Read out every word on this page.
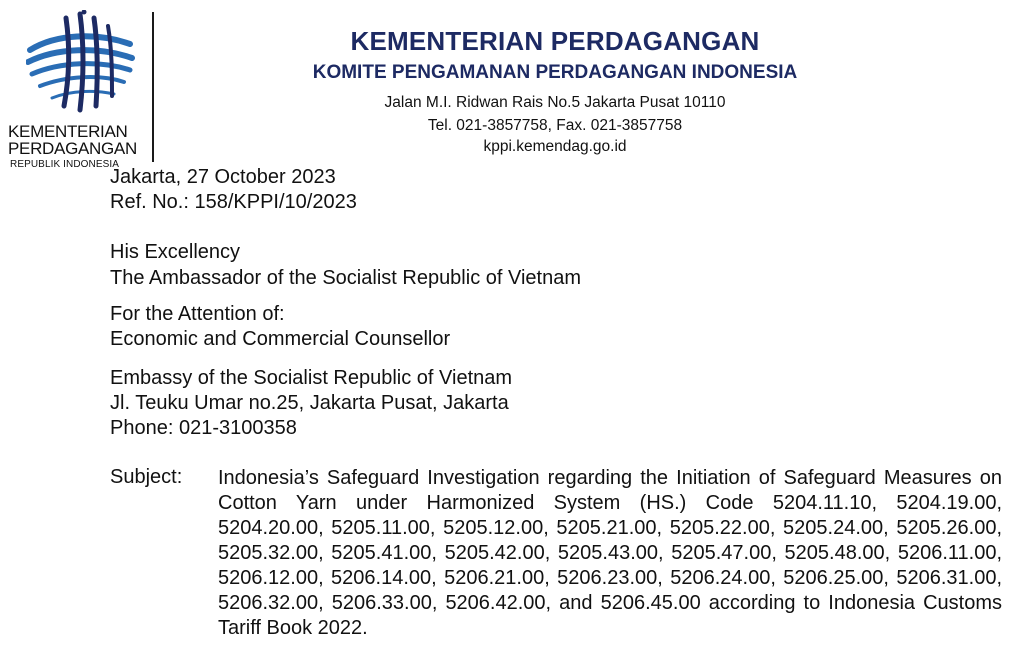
KEMENTERIAN
PERDAGANGAN
REPUBLIK INDONESIA
KEMENTERIAN PERDAGANGAN
KOMITE PENGAMANAN PERDAGANGAN INDONESIA
Jalan M.I. Ridwan Rais No.5 Jakarta Pusat 10110
Tel. 021-3857758, Fax. 021-3857758
kppi.kemendag.go.id
Jakarta, 27 October 2023
Ref. No.: 158/KPPI/10/2023
His Excellency
The Ambassador of the Socialist Republic of Vietnam
For the Attention of:
Economic and Commercial Counsellor
Embassy of the Socialist Republic of Vietnam
Jl. Teuku Umar no.25, Jakarta Pusat, Jakarta
Phone: 021-3100358
Subject: Indonesia’s Safeguard Investigation regarding the Initiation of Safeguard Measures on Cotton Yarn under Harmonized System (HS.) Code 5204.11.10, 5204.19.00, 5204.20.00, 5205.11.00, 5205.12.00, 5205.21.00, 5205.22.00, 5205.24.00, 5205.26.00, 5205.32.00, 5205.41.00, 5205.42.00, 5205.43.00, 5205.47.00, 5205.48.00, 5206.11.00, 5206.12.00, 5206.14.00, 5206.21.00, 5206.23.00, 5206.24.00, 5206.25.00, 5206.31.00, 5206.32.00, 5206.33.00, 5206.42.00, and 5206.45.00 according to Indonesia Customs Tariff Book 2022.
